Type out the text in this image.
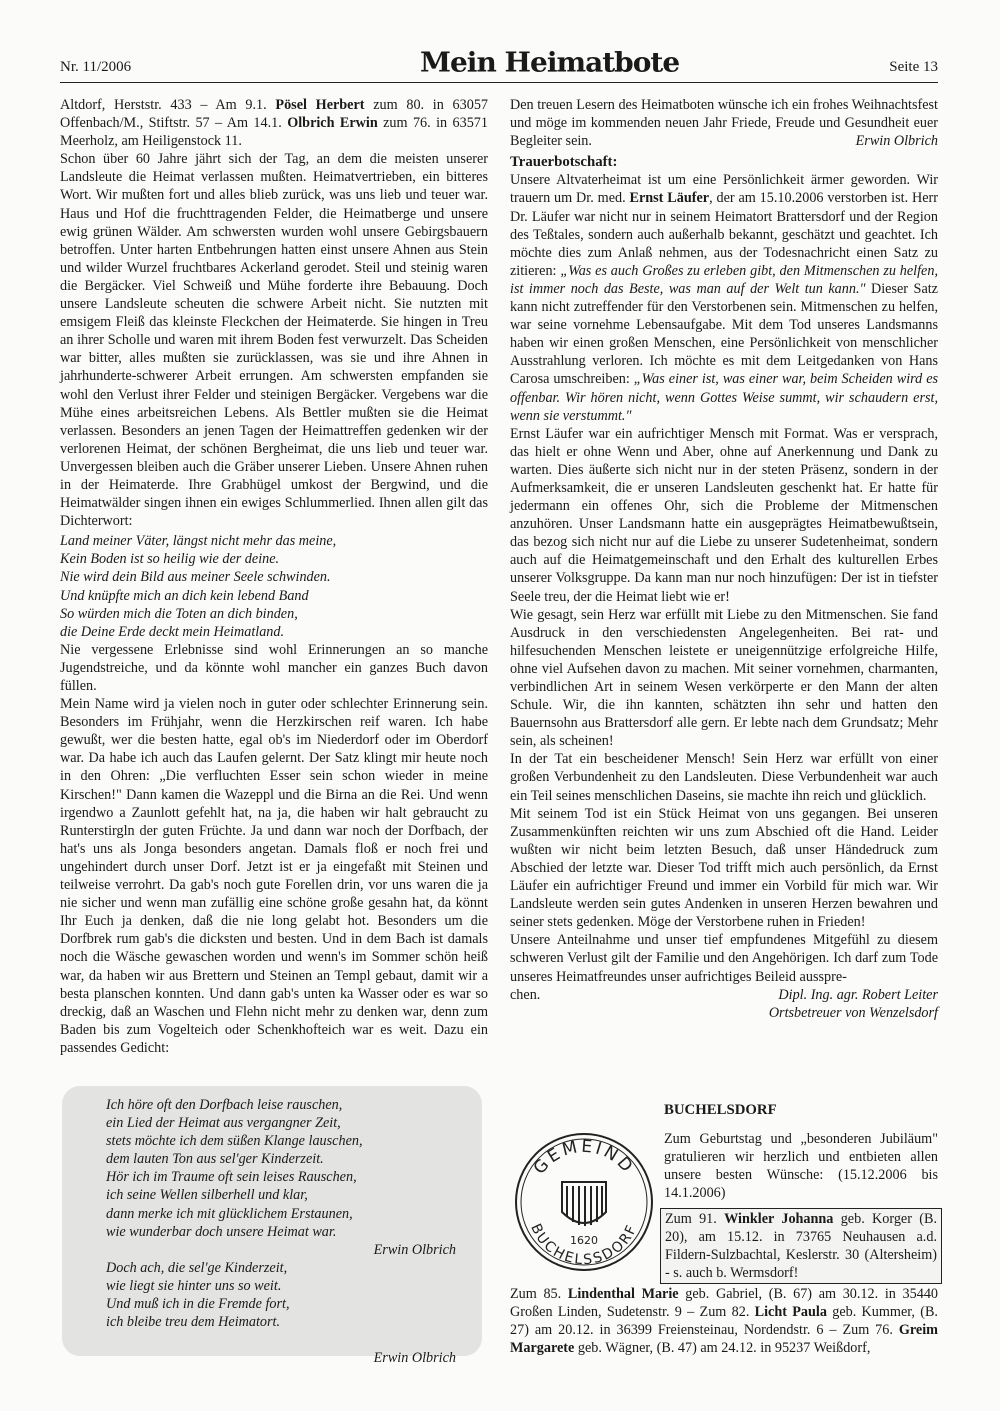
Nr. 11/2006	Mein Heimatbote	Seite 13

Altdorf, Herststr. 433 – Am 9.1. Pösel Herbert zum 80. in 63057 Offenbach/M., Stiftstr. 57 – Am 14.1. Olbrich Erwin zum 76. in 63571 Meerholz, am Heiligenstock 11.

Schon über 60 Jahre jährt sich der Tag, an dem die meisten unserer Landsleute die Heimat verlassen mußten. Heimatvertrieben, ein bitteres Wort. Wir mußten fort und alles blieb zurück, was uns lieb und teuer war. Haus und Hof die fruchttragenden Felder, die Heimatberge und unsere ewig grünen Wälder. Am schwersten wurden wohl unsere Gebirgsbauern betroffen. Unter harten Entbehrungen hatten einst unsere Ahnen aus Stein und wilder Wurzel fruchtbares Ackerland gerodet. Steil und steinig waren die Bergäcker. Viel Schweiß und Mühe forderte ihre Bebauung. Doch unsere Landsleute scheuten die schwere Arbeit nicht. Sie nutzten mit emsigem Fleiß das kleinste Fleckchen der Heimaterde. Sie hingen in Treu an ihrer Scholle und waren mit ihrem Boden fest verwurzelt. Das Scheiden war bitter, alles mußten sie zurücklassen, was sie und ihre Ahnen in jahrhunderte-schwerer Arbeit errungen. Am schwersten empfanden sie wohl den Verlust ihrer Felder und steinigen Bergäcker. Vergebens war die Mühe eines arbeitsreichen Lebens. Als Bettler mußten sie die Heimat verlassen. Besonders an jenen Tagen der Heimattreffen gedenken wir der verlorenen Heimat, der schönen Bergheimat, die uns lieb und teuer war. Unvergessen bleiben auch die Gräber unserer Lieben. Unsere Ahnen ruhen in der Heimaterde. Ihre Grabhügel umkost der Bergwind, und die Heimatwälder singen ihnen ein ewiges Schlummerlied. Ihnen allen gilt das Dichterwort:

Land meiner Väter, längst nicht mehr das meine,
Kein Boden ist so heilig wie der deine.
Nie wird dein Bild aus meiner Seele schwinden.
Und knüpfte mich an dich kein lebend Band
So würden mich die Toten an dich binden,
die Deine Erde deckt mein Heimatland.

Nie vergessene Erlebnisse sind wohl Erinnerungen an so manche Jugendstreiche, und da könnte wohl mancher ein ganzes Buch davon füllen.

Mein Name wird ja vielen noch in guter oder schlechter Erinnerung sein. Besonders im Frühjahr, wenn die Herzkirschen reif waren. Ich habe gewußt, wer die besten hatte, egal ob's im Niederdorf oder im Oberdorf war. Da habe ich auch das Laufen gelernt. Der Satz klingt mir heute noch in den Ohren: „Die verfluchten Esser sein schon wieder in meine Kirschen!" Dann kamen die Wazeppl und die Birna an die Rei. Und wenn irgendwo a Zaunlott gefehlt hat, na ja, die haben wir halt gebraucht zu Runterstirgln der guten Früchte. Ja und dann war noch der Dorfbach, der hat's uns als Jonga besonders angetan. Damals floß er noch frei und ungehindert durch unser Dorf. Jetzt ist er ja eingefaßt mit Steinen und teilweise verrohrt. Da gab's noch gute Forellen drin, vor uns waren die ja nie sicher und wenn man zufällig eine schöne große gesahn hat, da könnt Ihr Euch ja denken, daß die nie long gelabt hot. Besonders um die Dorfbrek rum gab's die dicksten und besten. Und in dem Bach ist damals noch die Wäsche gewaschen worden und wenn's im Sommer schön heiß war, da haben wir aus Brettern und Steinen an Templ gebaut, damit wir a besta planschen konnten. Und dann gab's unten ka Wasser oder es war so dreckig, daß an Waschen und Flehn nicht mehr zu denken war, denn zum Baden bis zum Vogelteich oder Schenkhofteich war es weit. Dazu ein passendes Gedicht:

Ich höre oft den Dorfbach leise rauschen,
ein Lied der Heimat aus vergangner Zeit,
stets möchte ich dem süßen Klange lauschen,
dem lauten Ton aus sel'ger Kinderzeit.
Hör ich im Traume oft sein leises Rauschen,
ich seine Wellen silberhell und klar,
dann merke ich mit glücklichem Erstaunen,
wie wunderbar doch unsere Heimat war.
Erwin Olbrich
Doch ach, die sel'ge Kinderzeit,
wie liegt sie hinter uns so weit.
Und muß ich in die Fremde fort,
ich bleibe treu dem Heimatort.
Erwin Olbrich

Den treuen Lesern des Heimatboten wünsche ich ein frohes Weihnachtsfest und möge im kommenden neuen Jahr Friede, Freude und Gesundheit euer Begleiter sein.	Erwin Olbrich

Trauerbotschaft:

Unsere Altvaterheimat ist um eine Persönlichkeit ärmer geworden. Wir trauern um Dr. med. Ernst Läufer, der am 15.10.2006 verstorben ist. Herr Dr. Läufer war nicht nur in seinem Heimatort Brattersdorf und der Region des Teßtales, sondern auch außerhalb bekannt, geschätzt und geachtet. Ich möchte dies zum Anlaß nehmen, aus der Todesnachricht einen Satz zu zitieren: „Was es auch Großes zu erleben gibt, den Mitmenschen zu helfen, ist immer noch das Beste, was man auf der Welt tun kann." Dieser Satz kann nicht zutreffender für den Verstorbenen sein. Mitmenschen zu helfen, war seine vornehme Lebensaufgabe. Mit dem Tod unseres Landsmanns haben wir einen großen Menschen, eine Persönlichkeit von menschlicher Ausstrahlung verloren. Ich möchte es mit dem Leitgedanken von Hans Carosa umschreiben: „Was einer ist, was einer war, beim Scheiden wird es offenbar. Wir hören nicht, wenn Gottes Weise summt, wir schaudern erst, wenn sie verstummt."

Ernst Läufer war ein aufrichtiger Mensch mit Format. Was er versprach, das hielt er ohne Wenn und Aber, ohne auf Anerkennung und Dank zu warten. Dies äußerte sich nicht nur in der steten Präsenz, sondern in der Aufmerksamkeit, die er unseren Landsleuten geschenkt hat. Er hatte für jedermann ein offenes Ohr, sich die Probleme der Mitmenschen anzuhören. Unser Landsmann hatte ein ausgeprägtes Heimatbewußtsein, das bezog sich nicht nur auf die Liebe zu unserer Sudetenheimat, sondern auch auf die Heimatgemeinschaft und den Erhalt des kulturellen Erbes unserer Volksgruppe. Da kann man nur noch hinzufügen: Der ist in tiefster Seele treu, der die Heimat liebt wie er!

Wie gesagt, sein Herz war erfüllt mit Liebe zu den Mitmenschen. Sie fand Ausdruck in den verschiedensten Angelegenheiten. Bei rat- und hilfesuchenden Menschen leistete er uneigennützige erfolgreiche Hilfe, ohne viel Aufsehen davon zu machen. Mit seiner vornehmen, charmanten, verbindlichen Art in seinem Wesen verkörperte er den Mann der alten Schule. Wir, die ihn kannten, schätzten ihn sehr und hatten den Bauernsohn aus Brattersdorf alle gern. Er lebte nach dem Grundsatz; Mehr sein, als scheinen!

In der Tat ein bescheidener Mensch! Sein Herz war erfüllt von einer großen Verbundenheit zu den Landsleuten. Diese Verbundenheit war auch ein Teil seines menschlichen Daseins, sie machte ihn reich und glücklich.

Mit seinem Tod ist ein Stück Heimat von uns gegangen. Bei unseren Zusammenkünften reichten wir uns zum Abschied oft die Hand. Leider wußten wir nicht beim letzten Besuch, daß unser Händedruck zum Abschied der letzte war. Dieser Tod trifft mich auch persönlich, da Ernst Läufer ein aufrichtiger Freund und immer ein Vorbild für mich war. Wir Landsleute werden sein gutes Andenken in unseren Herzen bewahren und seiner stets gedenken. Möge der Verstorbene ruhen in Frieden!

Unsere Anteilnahme und unser tief empfundenes Mitgefühl zu diesem schweren Verlust gilt der Familie und den Angehörigen. Ich darf zum Tode unseres Heimatfreundes unser aufrichtiges Beileid ausspre-

chen.	Dipl. Ing. agr. Robert Leiter
Ortsbetreuer von Wenzelsdorf
BUCHELSDORF
GEMEIND
BUCHELSSDORF
1620
Zum Geburtstag und „besonderen Jubiläum" gratulieren wir herzlich und entbieten allen unsere besten Wünsche: (15.12.2006 bis 14.1.2006)
Zum 91. Winkler Johanna geb. Korger (B. 20), am 15.12. in 73765 Neuhausen a.d. Fildern-Sulzbachtal, Keslerstr. 30 (Altersheim) - s. auch b. Wermsdorf!
Zum 85. Lindenthal Marie geb. Gabriel, (B. 67) am 30.12. in 35440 Großen Linden, Sudetenstr. 9 – Zum 82. Licht Paula geb. Kummer, (B. 27) am 20.12. in 36399 Freiensteinau, Nordendstr. 6 – Zum 76. Greim Margarete geb. Wägner, (B. 47) am 24.12. in 95237 Weißdorf,
